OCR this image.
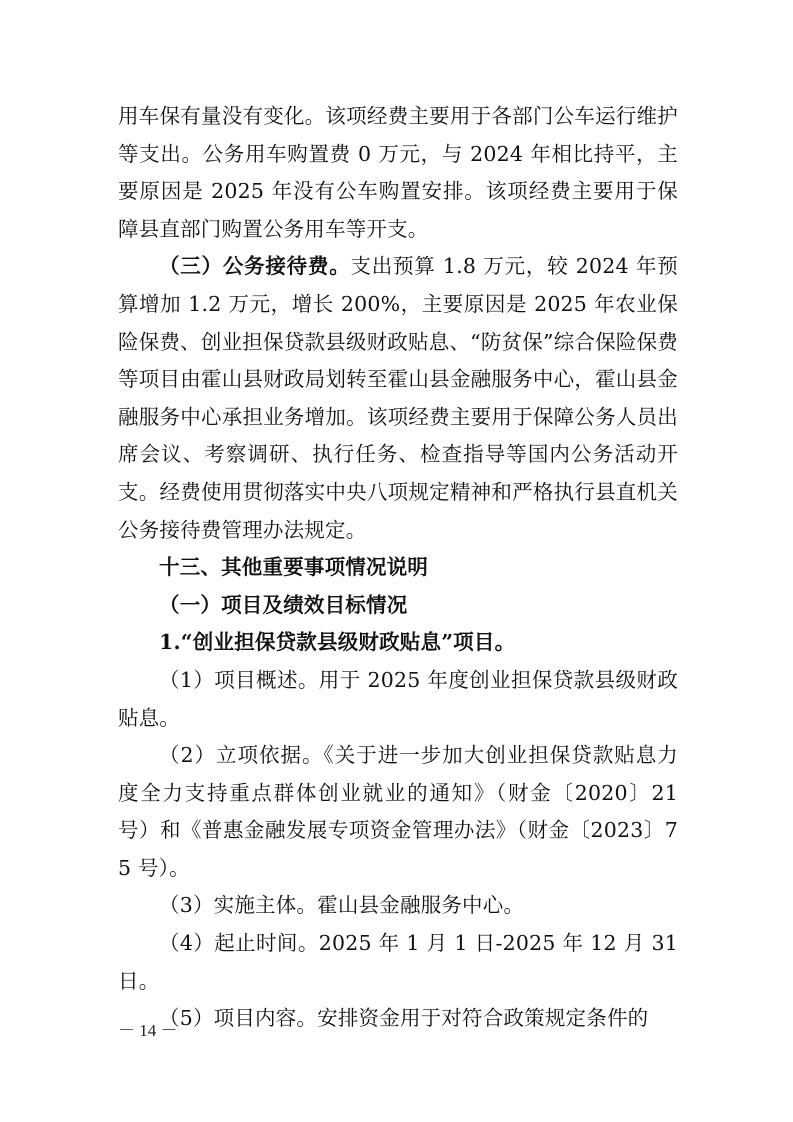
用车保有量没有变化。该项经费主要用于各部门公车运行维护等支出。公务用车购置费 0 万元，与 2024 年相比持平，主要原因是 2025 年没有公车购置安排。该项经费主要用于保障县直部门购置公务用车等开支。

（三）公务接待费。支出预算 1.8 万元，较 2024 年预算增加 1.2 万元，增长 200%，主要原因是 2025 年农业保险保费、创业担保贷款县级财政贴息、“防贫保”综合保险保费等项目由霍山县财政局划转至霍山县金融服务中心，霍山县金融服务中心承担业务增加。该项经费主要用于保障公务人员出席会议、考察调研、执行任务、检查指导等国内公务活动开支。经费使用贯彻落实中央八项规定精神和严格执行县直机关公务接待费管理办法规定。

十三、其他重要事项情况说明

（一）项目及绩效目标情况

1.“创业担保贷款县级财政贴息”项目。

（1）项目概述。用于 2025 年度创业担保贷款县级财政贴息。

（2）立项依据。《关于进一步加大创业担保贷款贴息力度全力支持重点群体创业就业的通知》（财金〔2020〕21 号）和《普惠金融发展专项资金管理办法》（财金〔2023〕75 号）。

（3）实施主体。霍山县金融服务中心。

（4）起止时间。2025 年 1 月 1 日-2025 年 12 月 31 日。

（5）项目内容。安排资金用于对符合政策规定条件的

－ 14 －
